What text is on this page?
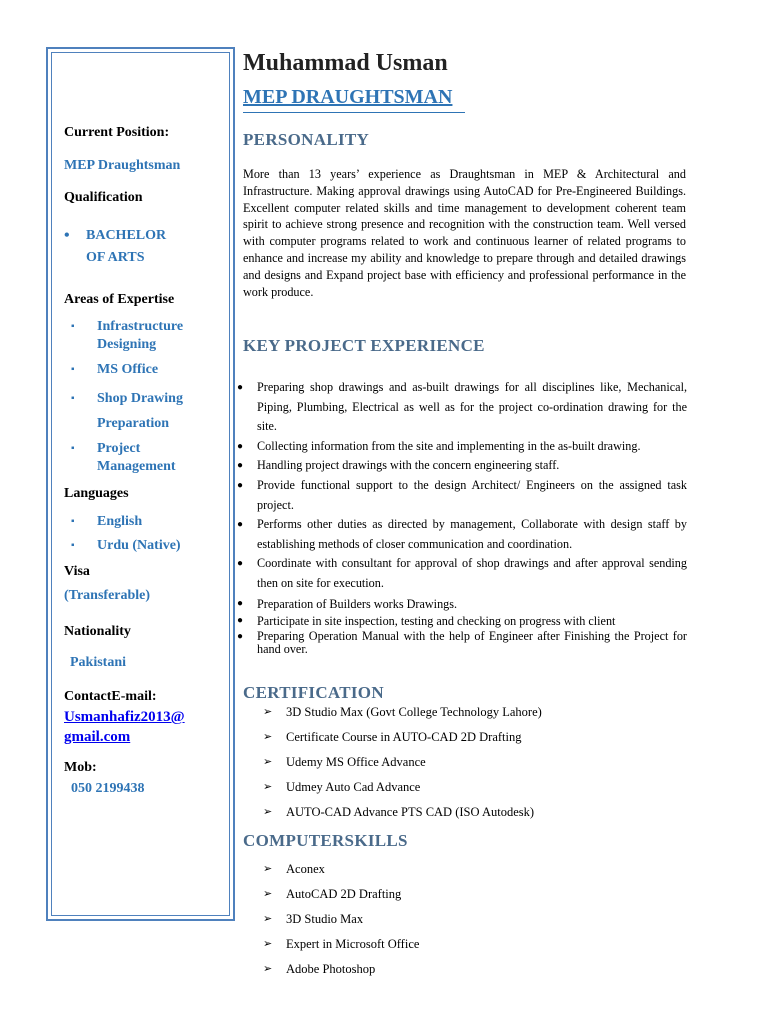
Current Position:
MEP Draughtsman
Qualification
• BACHELOR
OF ARTS
Areas of Expertise
▪ Infrastructure
Designing
▪ MS Office
▪ Shop Drawing
Preparation
▪ Project
Management
Languages
▪ English
▪ Urdu (Native)
Visa
(Transferable)
Nationality
Pakistani
ContactE-mail:
Usmanhafiz2013@
gmail.com
Mob:
050 2199438
Muhammad Usman
MEP DRAUGHTSMAN
PERSONALITY

More than 13 years’ experience as Draughtsman in MEP & Architectural and Infrastructure. Making approval drawings using AutoCAD for Pre-Engineered Buildings. Excellent computer related skills and time management to development coherent team spirit to achieve strong presence and recognition with the construction team. Well versed with computer programs related to work and continuous learner of related programs to enhance and increase my ability and knowledge to prepare through and detailed drawings and designs and Expand project base with efficiency and professional performance in the work produce.

KEY PROJECT EXPERIENCE
● Preparing shop drawings and as-built drawings for all disciplines like, Mechanical, Piping, Plumbing, Electrical as well as for the project co-ordination drawing for the site.
● Collecting information from the site and implementing in the as-built drawing.
● Handling project drawings with the concern engineering staff.
● Provide functional support to the design Architect/ Engineers on the assigned task project.
● Performs other duties as directed by management, Collaborate with design staff by establishing methods of closer communication and coordination.
● Coordinate with consultant for approval of shop drawings and after approval sending then on site for execution.
● Preparation of Builders works Drawings.
● Participate in site inspection, testing and checking on progress with client
● Preparing Operation Manual with the help of Engineer after Finishing the Project for hand over.
CERTIFICATION
➢ 3D Studio Max (Govt College Technology Lahore)
➢ Certificate Course in AUTO-CAD 2D Drafting
➢ Udemy MS Office Advance
➢ Udmey Auto Cad Advance
➢ AUTO-CAD Advance PTS CAD (ISO Autodesk)
COMPUTERSKILLS
➢ Aconex
➢ AutoCAD 2D Drafting
➢ 3D Studio Max
➢ Expert in Microsoft Office
➢ Adobe Photoshop
